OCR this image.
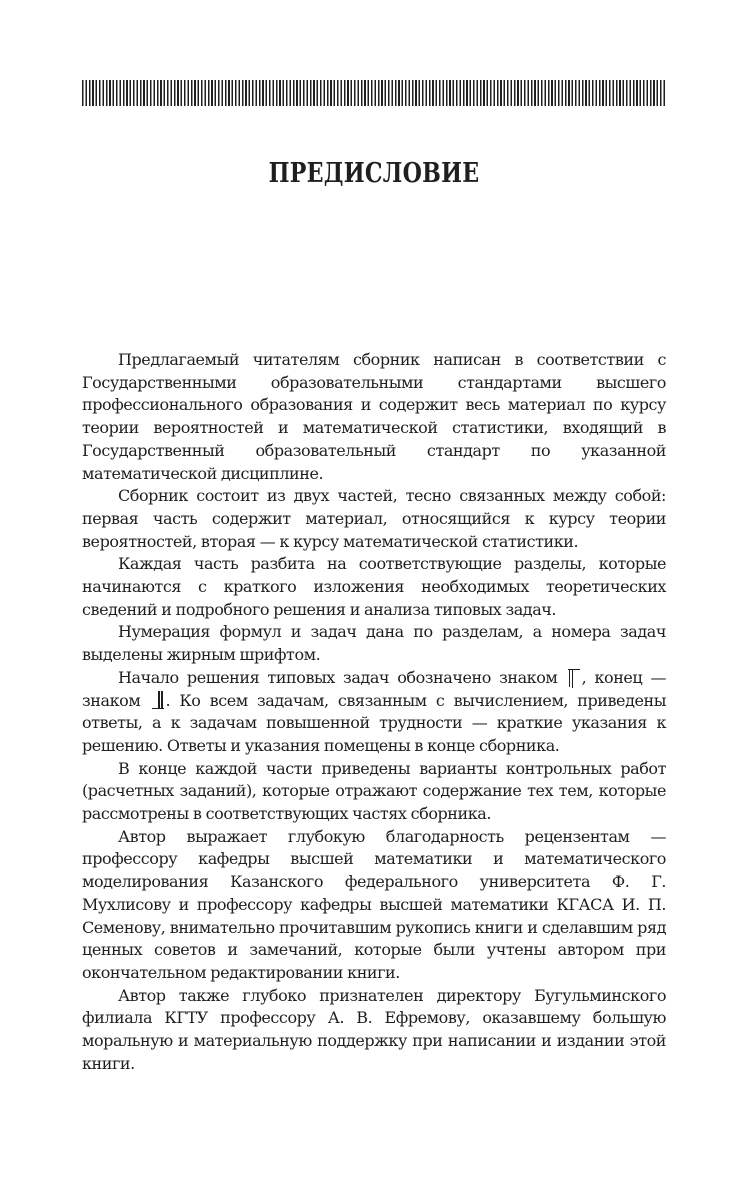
ПРЕДИСЛОВИЕ

Предлагаемый читателям сборник написан в соответствии с Государственными образовательными стандартами высшего профессионального образования и содержит весь материал по курсу теории вероятностей и математической статистики, входящий в Государственный образовательный стандарт по указанной математической дисциплине.

Сборник состоит из двух частей, тесно связанных между собой: первая часть содержит материал, относящийся к курсу теории вероятностей, вторая — к курсу математической статистики.

Каждая часть разбита на соответствующие разделы, которые начинаются с краткого изложения необходимых теоретических сведений и подробного решения и анализа типовых задач.

Нумерация формул и задач дана по разделам, а номера задач выделены жирным шрифтом.

Начало решения типовых задач обозначено знаком , конец — знаком . Ко всем задачам, связанным с вычислением, приведены ответы, а к задачам повышенной трудности — краткие указания к решению. Ответы и указания помещены в конце сборника.

В конце каждой части приведены варианты контрольных работ (расчетных заданий), которые отражают содержание тех тем, которые рассмотрены в соответствующих частях сборника.

Автор выражает глубокую благодарность рецензентам — профессору кафедры высшей математики и математического моделирования Казанского федерального университета Ф. Г. Мухлисову и профессору кафедры высшей математики КГАСА И. П. Семенову, внимательно прочитавшим рукопись книги и сделавшим ряд ценных советов и замечаний, которые были учтены автором при окончательном редактировании книги.

Автор также глубоко признателен директору Бугульминского филиала КГТУ профессору А. В. Ефремову, оказавшему большую моральную и материальную поддержку при написании и издании этой книги.
